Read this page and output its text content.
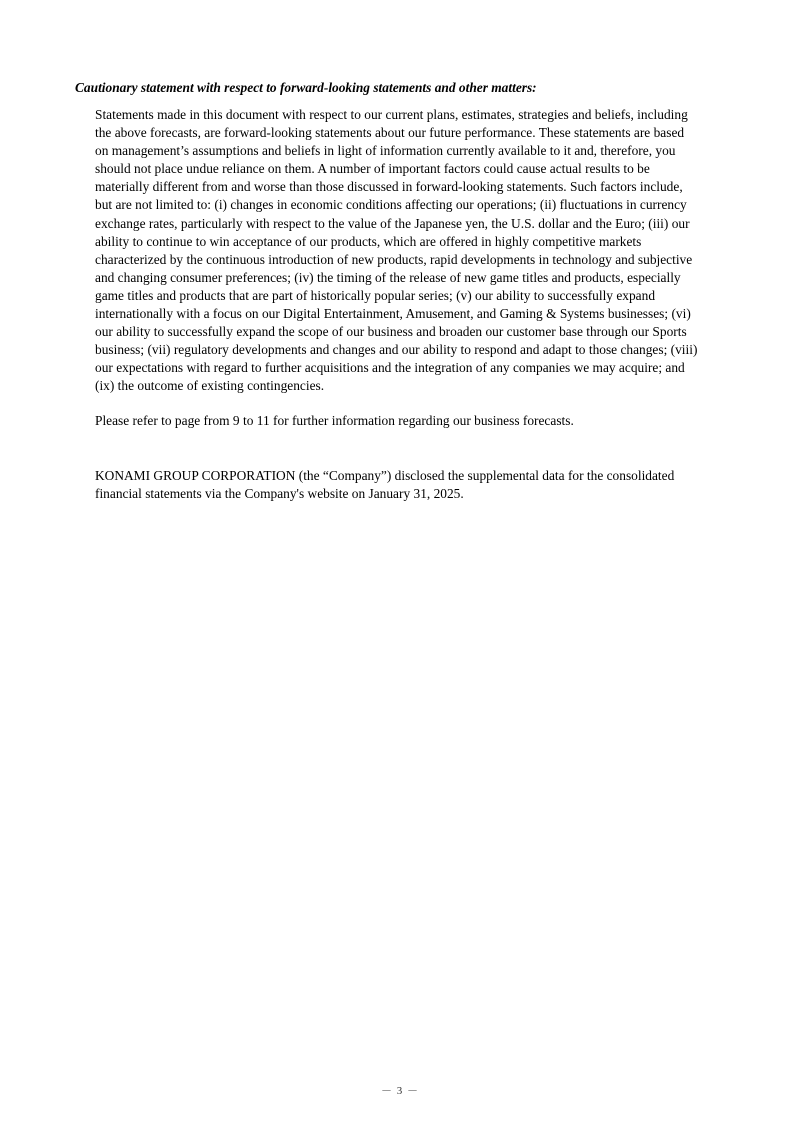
Cautionary statement with respect to forward-looking statements and other matters:
Statements made in this document with respect to our current plans, estimates, strategies and beliefs, including
the above forecasts, are forward-looking statements about our future performance. These statements are based
on management’s assumptions and beliefs in light of information currently available to it and, therefore, you
should not place undue reliance on them. A number of important factors could cause actual results to be
materially different from and worse than those discussed in forward-looking statements. Such factors include,
but are not limited to: (i) changes in economic conditions affecting our operations; (ii) fluctuations in currency
exchange rates, particularly with respect to the value of the Japanese yen, the U.S. dollar and the Euro; (iii) our
ability to continue to win acceptance of our products, which are offered in highly competitive markets
characterized by the continuous introduction of new products, rapid developments in technology and subjective
and changing consumer preferences; (iv) the timing of the release of new game titles and products, especially
game titles and products that are part of historically popular series; (v) our ability to successfully expand
internationally with a focus on our Digital Entertainment, Amusement, and Gaming & Systems businesses; (vi)
our ability to successfully expand the scope of our business and broaden our customer base through our Sports
business; (vii) regulatory developments and changes and our ability to respond and adapt to those changes; (viii)
our expectations with regard to further acquisitions and the integration of any companies we may acquire; and
(ix) the outcome of existing contingencies.
Please refer to page from 9 to 11 for further information regarding our business forecasts.
KONAMI GROUP CORPORATION (the “Company”) disclosed the supplemental data for the consolidated
financial statements via the Company's website on January 31, 2025.
－ 3 －
